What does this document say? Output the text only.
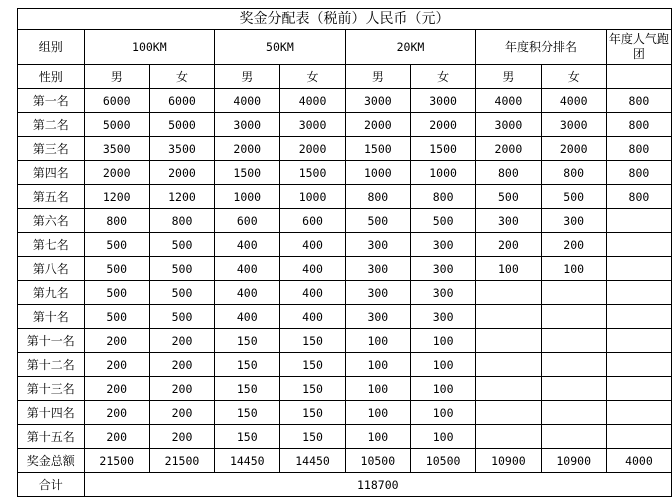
奖金分配表（税前）人民币（元）									
组别	100KM		50KM		20KM		年度积分排名		年度人气跑团
性别	男	女	男	女	男	女	男	女	
第一名	6000	6000	4000	4000	3000	3000	4000	4000	800
第二名	5000	5000	3000	3000	2000	2000	3000	3000	800
第三名	3500	3500	2000	2000	1500	1500	2000	2000	800
第四名	2000	2000	1500	1500	1000	1000	800	800	800
第五名	1200	1200	1000	1000	800	800	500	500	800
第六名	800	800	600	600	500	500	300	300	
第七名	500	500	400	400	300	300	200	200	
第八名	500	500	400	400	300	300	100	100	
第九名	500	500	400	400	300	300			
第十名	500	500	400	400	300	300			
第十一名	200	200	150	150	100	100			
第十二名	200	200	150	150	100	100			
第十三名	200	200	150	150	100	100			
第十四名	200	200	150	150	100	100			
第十五名	200	200	150	150	100	100			
奖金总额	21500	21500	14450	14450	10500	10500	10900	10900	4000
合计	118700								
